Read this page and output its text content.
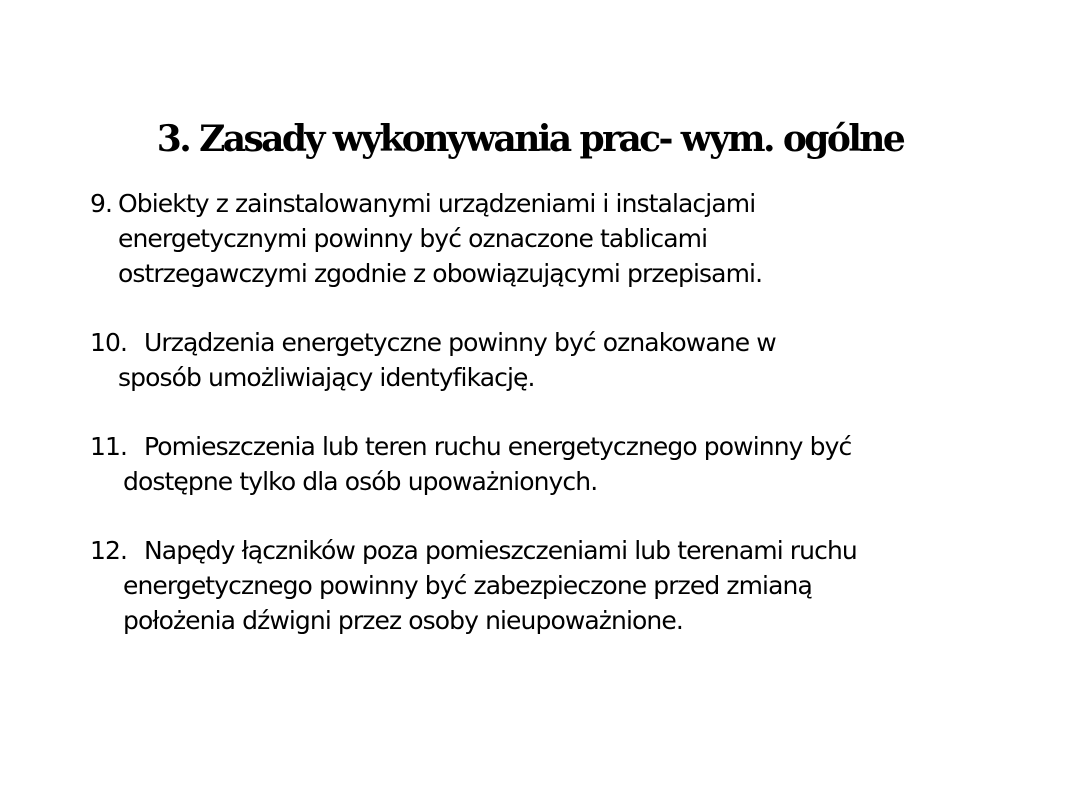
3. Zasady wykonywania prac- wym. ogólne
9. Obiekty z zainstalowanymi urządzeniami i instalacjami
energetycznymi powinny być oznaczone tablicami
ostrzegawczymi zgodnie z obowiązującymi przepisami.
10. Urządzenia energetyczne powinny być oznakowane w
sposób umożliwiający identyfikację.
11. Pomieszczenia lub teren ruchu energetycznego powinny być
dostępne tylko dla osób upoważnionych.
12. Napędy łączników poza pomieszczeniami lub terenami ruchu
energetycznego powinny być zabezpieczone przed zmianą
położenia dźwigni przez osoby nieupoważnione.
